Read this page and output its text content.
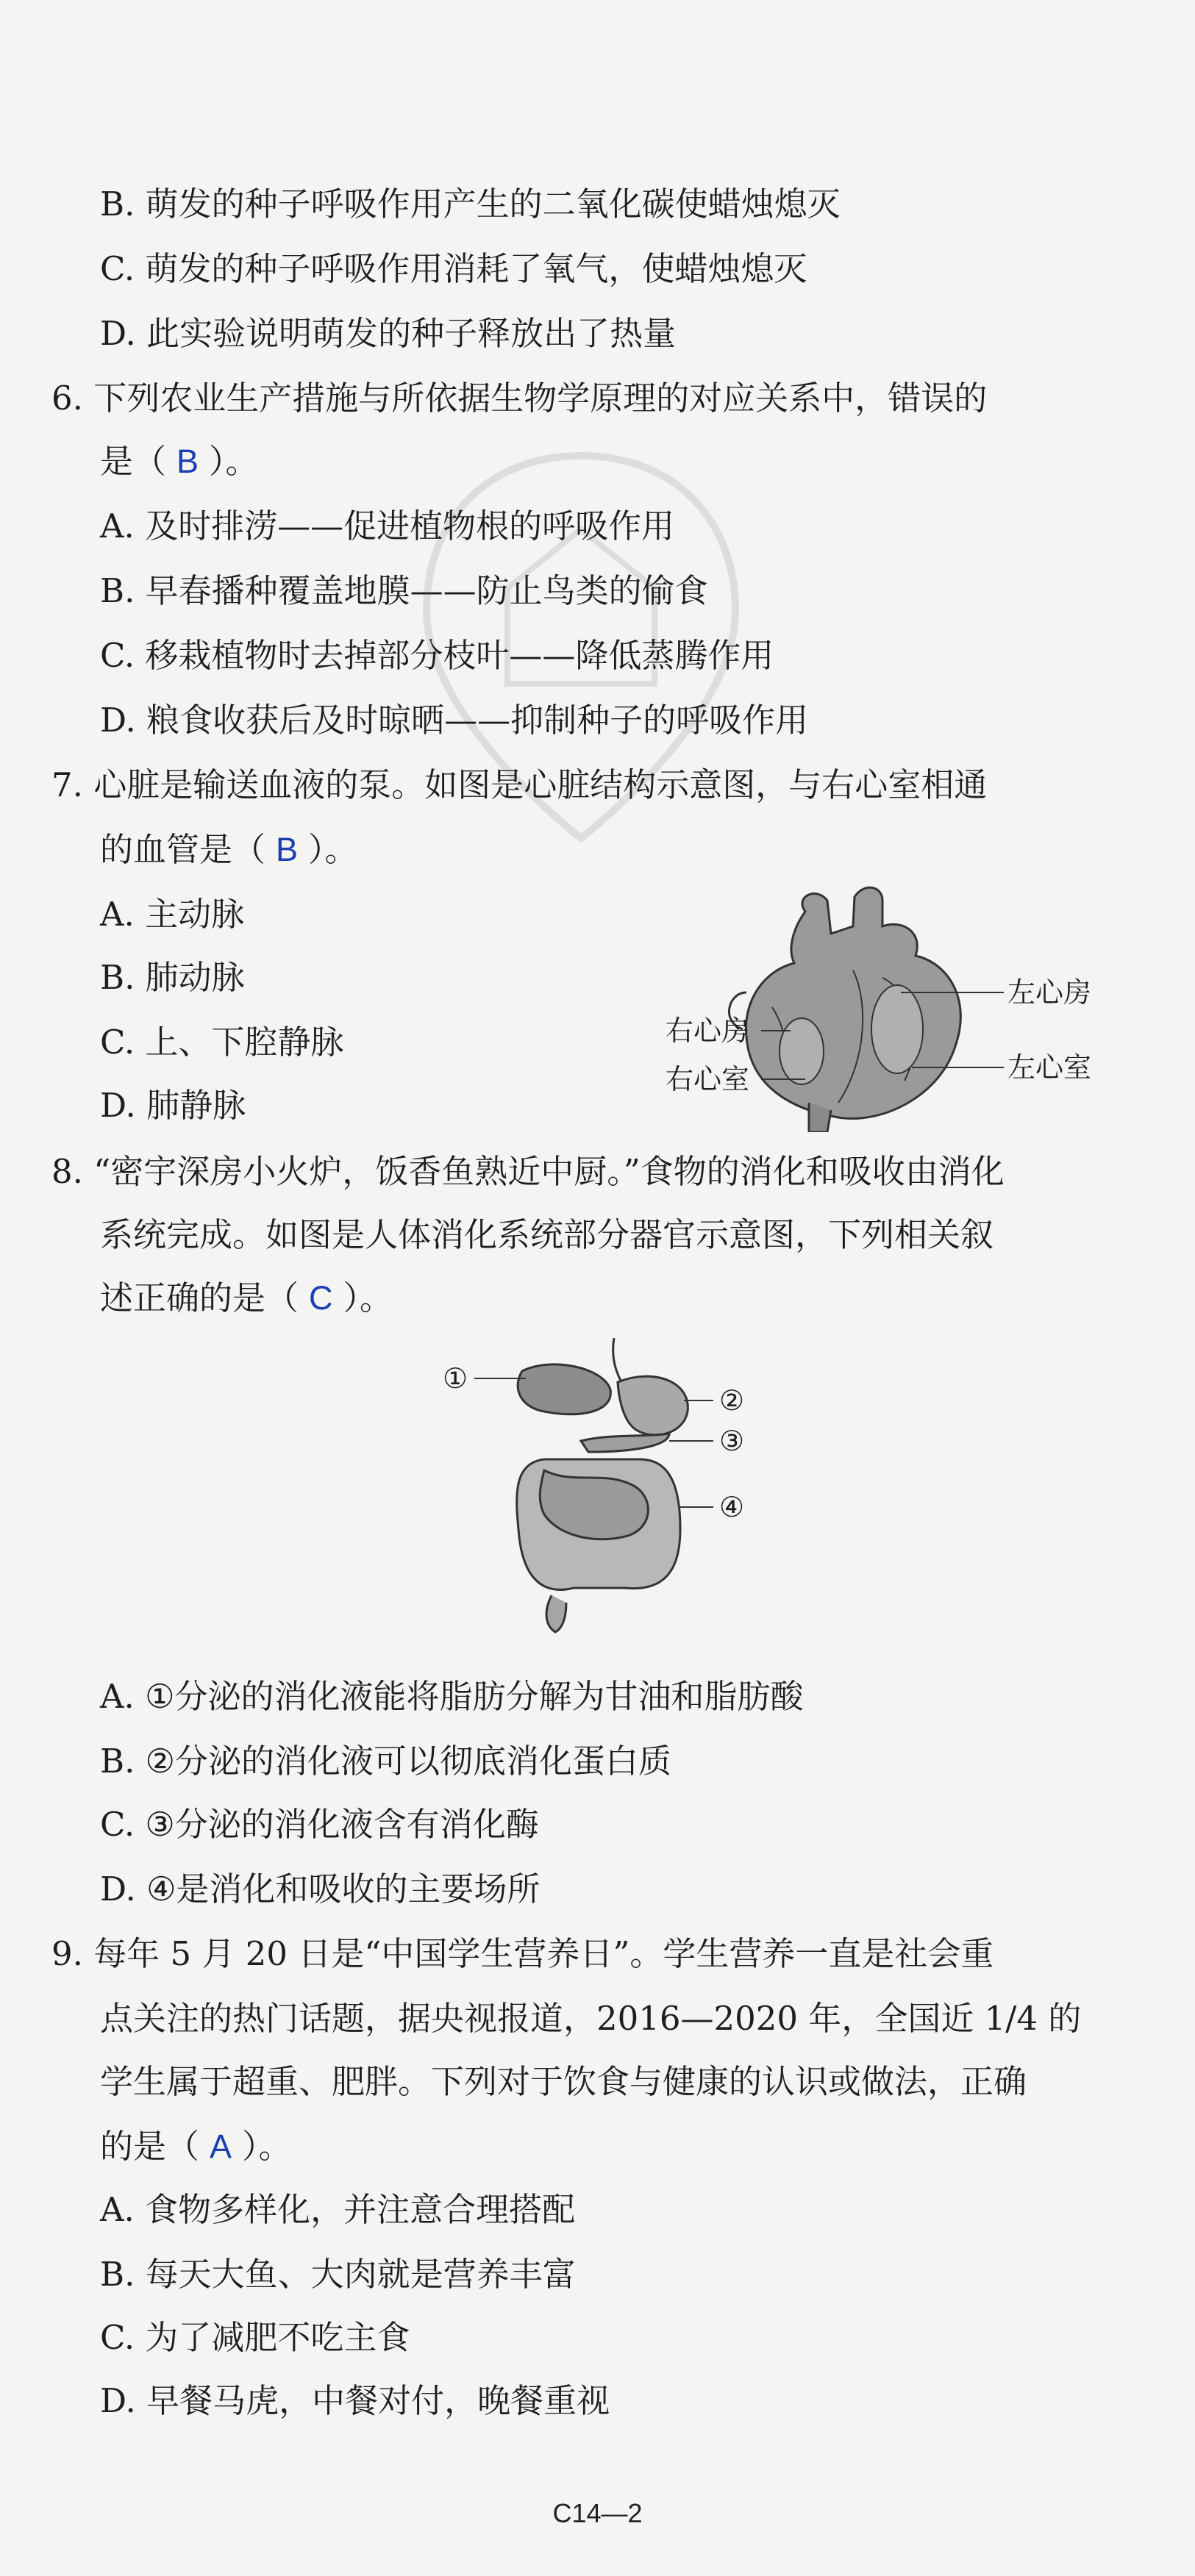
B. 萌发的种子呼吸作用产生的二氧化碳使蜡烛熄灭
C. 萌发的种子呼吸作用消耗了氧气，使蜡烛熄灭
D. 此实验说明萌发的种子释放出了热量
6. 下列农业生产措施与所依据生物学原理的对应关系中，错误的
是（ B ）。
A. 及时排涝——促进植物根的呼吸作用
B. 早春播种覆盖地膜——防止鸟类的偷食
C. 移栽植物时去掉部分枝叶——降低蒸腾作用
D. 粮食收获后及时晾晒——抑制种子的呼吸作用
7. 心脏是输送血液的泵。如图是心脏结构示意图，与右心室相通
的血管是（ B ）。
A. 主动脉
B. 肺动脉
C. 上、下腔静脉
D. 肺静脉
左心房
左心室
右心房
右心室
8. “密宇深房小火炉，饭香鱼熟近中厨。”食物的消化和吸收由消化
系统完成。如图是人体消化系统部分器官示意图，下列相关叙
述正确的是（ C ）。
①
②
③
④
A. ①分泌的消化液能将脂肪分解为甘油和脂肪酸
B. ②分泌的消化液可以彻底消化蛋白质
C. ③分泌的消化液含有消化酶
D. ④是消化和吸收的主要场所
9. 每年 5 月 20 日是“中国学生营养日”。学生营养一直是社会重
点关注的热门话题，据央视报道，2016—2020 年，全国近 1/4 的
学生属于超重、肥胖。下列对于饮食与健康的认识或做法，正确
的是（ A ）。
A. 食物多样化，并注意合理搭配
B. 每天大鱼、大肉就是营养丰富
C. 为了减肥不吃主食
D. 早餐马虎，中餐对付，晚餐重视
C14—2
